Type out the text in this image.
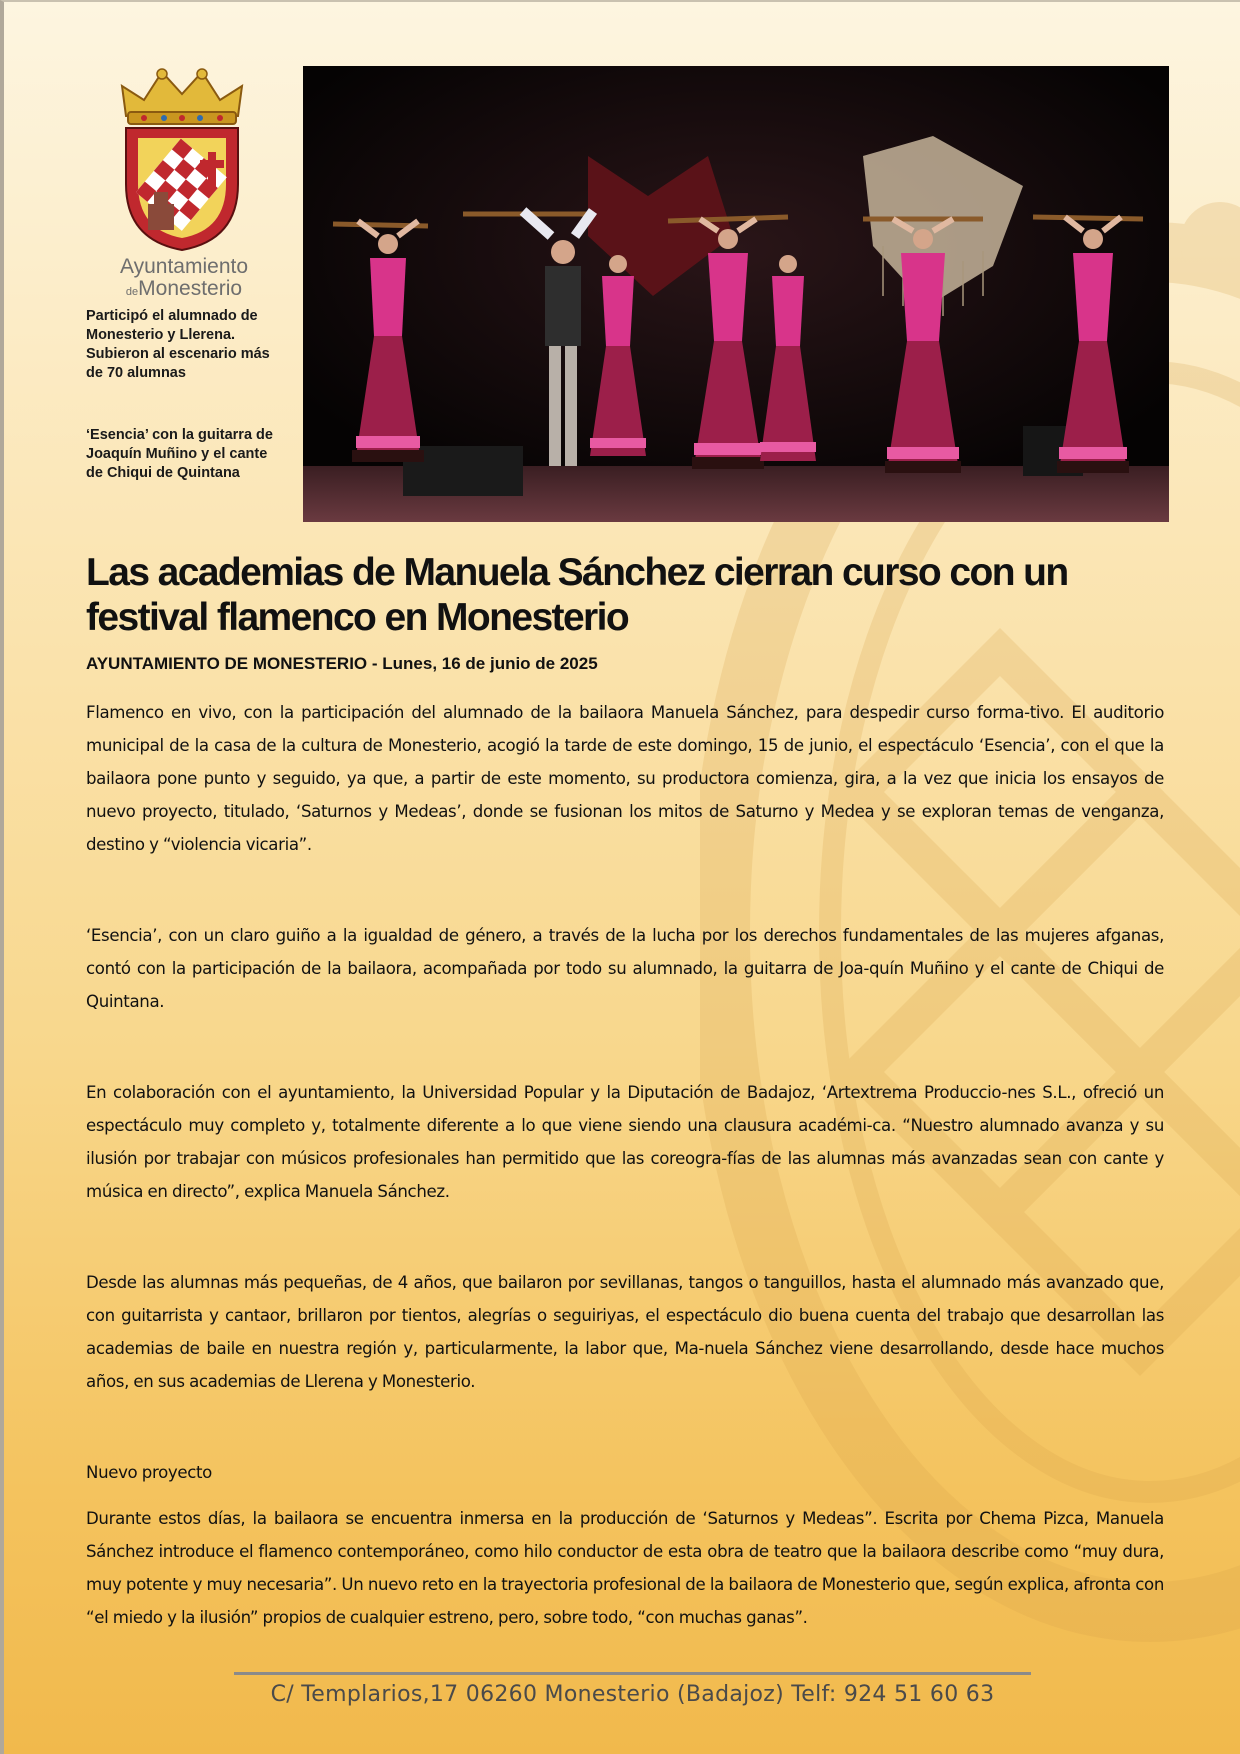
Ayuntamiento
deMonesterio
Participó el alumnado de Monesterio y Llerena. Subieron al escenario más de 70 alumnas
‘Esencia’ con la guitarra de Joaquín Muñino y el cante de Chiqui de Quintana
Las academias de Manuela Sánchez cierran curso con un festival flamenco en Monesterio
AYUNTAMIENTO DE MONESTERIO - Lunes, 16 de junio de 2025

Flamenco en vivo, con la participación del alumnado de la bailaora Manuela Sánchez, para despedir curso forma-tivo. El auditorio municipal de la casa de la cultura de Monesterio, acogió la tarde de este domingo, 15 de junio, el espectáculo ‘Esencia’, con el que la bailaora pone punto y seguido, ya que, a partir de este momento, su productora comienza, gira, a la vez que inicia los ensayos de nuevo proyecto, titulado, ‘Saturnos y Medeas’, donde se fusionan los mitos de Saturno y Medea y se exploran temas de venganza, destino y “violencia vicaria”.

‘Esencia’, con un claro guiño a la igualdad de género, a través de la lucha por los derechos fundamentales de las mujeres afganas, contó con la participación de la bailaora, acompañada por todo su alumnado, la guitarra de Joa-quín Muñino y el cante de Chiqui de Quintana.

En colaboración con el ayuntamiento, la Universidad Popular y la Diputación de Badajoz, ‘Artextrema Produccio-nes S.L., ofreció un espectáculo muy completo y, totalmente diferente a lo que viene siendo una clausura académi-ca. “Nuestro alumnado avanza y su ilusión por trabajar con músicos profesionales han permitido que las coreogra-fías de las alumnas más avanzadas sean con cante y música en directo”, explica Manuela Sánchez.

Desde las alumnas más pequeñas, de 4 años, que bailaron por sevillanas, tangos o tanguillos, hasta el alumnado más avanzado que, con guitarrista y cantaor, brillaron por tientos, alegrías o seguiriyas, el espectáculo dio buena cuenta del trabajo que desarrollan las academias de baile en nuestra región y, particularmente, la labor que, Ma-nuela Sánchez viene desarrollando, desde hace muchos años, en sus academias de Llerena y Monesterio.

Nuevo proyecto

Durante estos días, la bailaora se encuentra inmersa en la producción de ‘Saturnos y Medeas”. Escrita por Chema Pizca, Manuela Sánchez introduce el flamenco contemporáneo, como hilo conductor de esta obra de teatro que la bailaora describe como “muy dura, muy potente y muy necesaria”. Un nuevo reto en la trayectoria profesional de la bailaora de Monesterio que, según explica, afronta con “el miedo y la ilusión” propios de cualquier estreno, pero, sobre todo, “con muchas ganas”.

C/ Templarios,17 06260 Monesterio (Badajoz) Telf: 924 51 60 63
